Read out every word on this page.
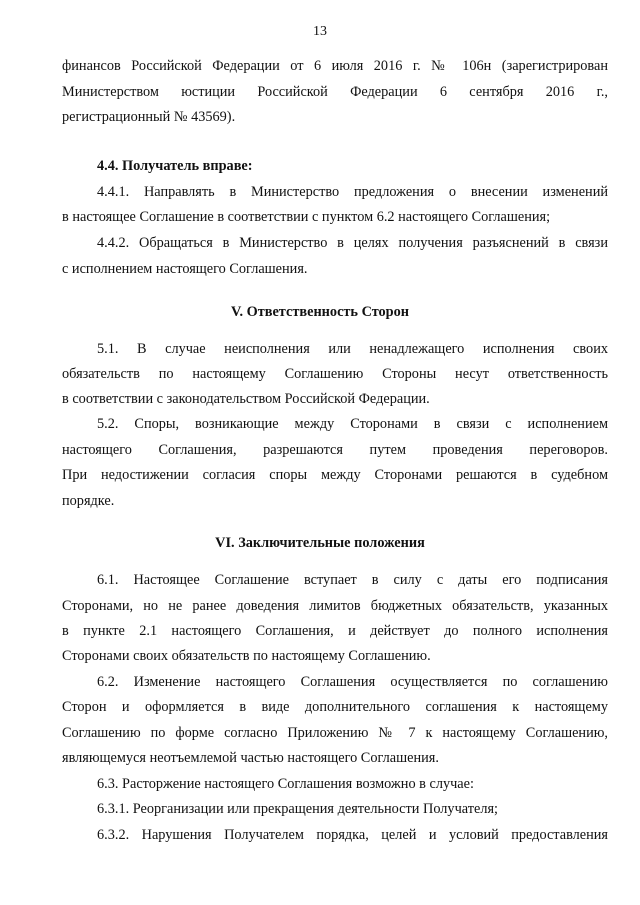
13
финансов Российской Федерации от 6 июля 2016 г. № 106н (зарегистрирован
Министерством юстиции Российской Федерации 6 сентября 2016 г.,
регистрационный № 43569).
4.4. Получатель вправе:
4.4.1. Направлять в Министерство предложения о внесении изменений
в настоящее Соглашение в соответствии с пунктом 6.2 настоящего Соглашения;
4.4.2. Обращаться в Министерство в целях получения разъяснений в связи
с исполнением настоящего Соглашения.
V. Ответственность Сторон
5.1. В случае неисполнения или ненадлежащего исполнения своих
обязательств по настоящему Соглашению Стороны несут ответственность
в соответствии с законодательством Российской Федерации.
5.2. Споры, возникающие между Сторонами в связи с исполнением
настоящего Соглашения, разрешаются путем проведения переговоров.
При недостижении согласия споры между Сторонами решаются в судебном
порядке.
VI. Заключительные положения
6.1. Настоящее Соглашение вступает в силу с даты его подписания
Сторонами, но не ранее доведения лимитов бюджетных обязательств, указанных
в пункте 2.1 настоящего Соглашения, и действует до полного исполнения
Сторонами своих обязательств по настоящему Соглашению.
6.2. Изменение настоящего Соглашения осуществляется по соглашению
Сторон и оформляется в виде дополнительного соглашения к настоящему
Соглашению по форме согласно Приложению № 7 к настоящему Соглашению,
являющемуся неотъемлемой частью настоящего Соглашения.
6.3. Расторжение настоящего Соглашения возможно в случае:
6.3.1. Реорганизации или прекращения деятельности Получателя;
6.3.2. Нарушения Получателем порядка, целей и условий предоставления
